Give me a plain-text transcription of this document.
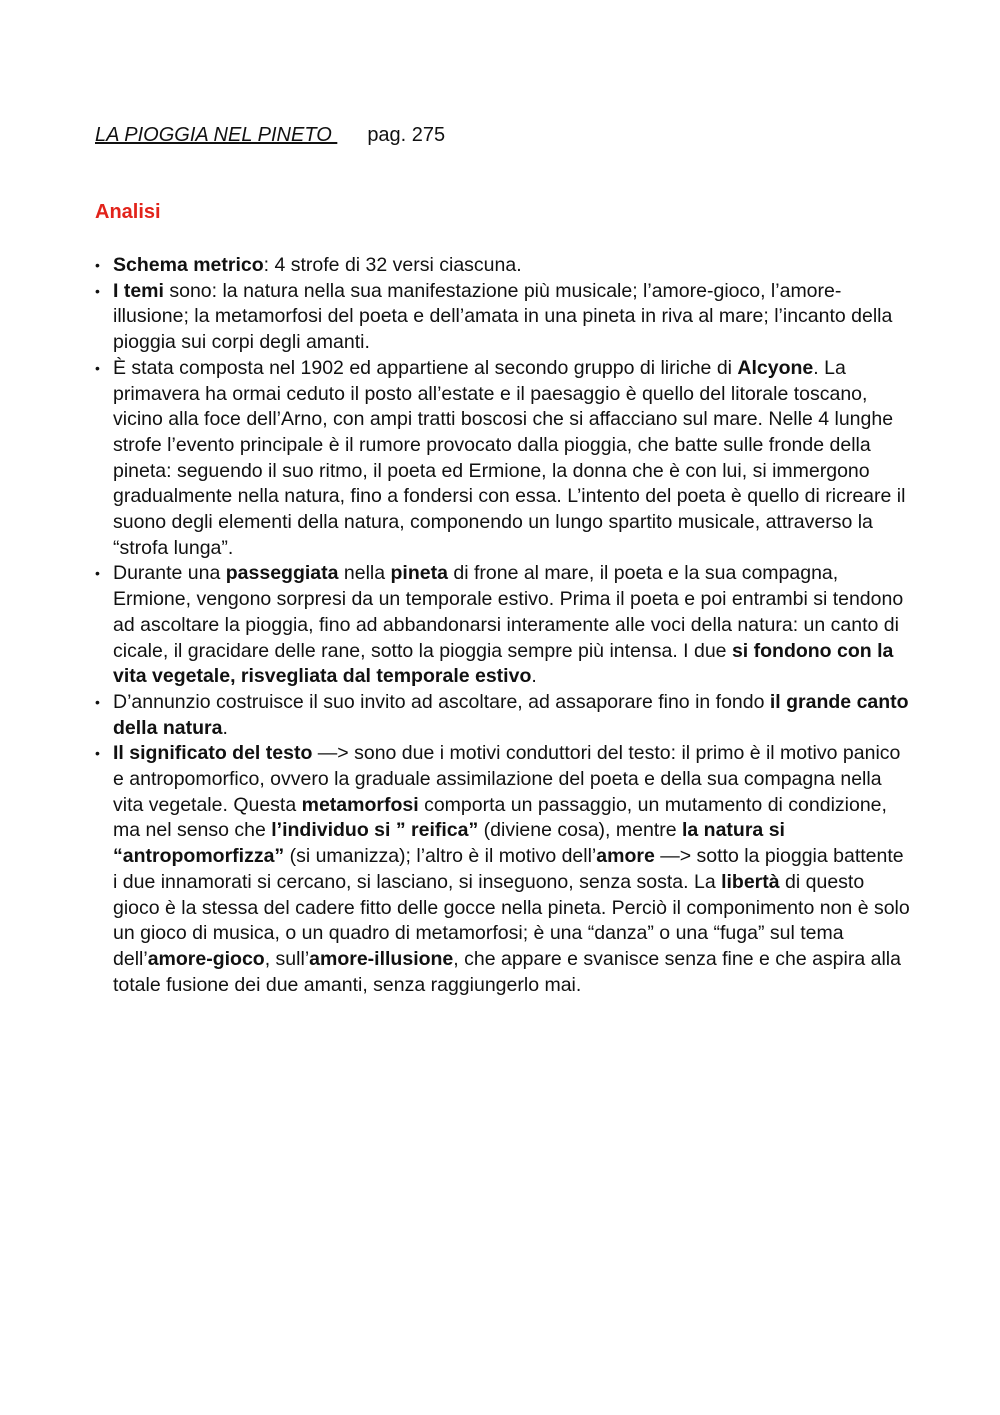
LA PIOGGIA NEL PINETO pag. 275
Analisi
• Schema metrico: 4 strofe di 32 versi ciascuna.
• I temi sono: la natura nella sua manifestazione più musicale; l’amore-gioco, l’amore-illusione; la metamorfosi del poeta e dell’amata in una pineta in riva al mare; l’incanto della pioggia sui corpi degli amanti.
• È stata composta nel 1902 ed appartiene al secondo gruppo di liriche di Alcyone. La primavera ha ormai ceduto il posto all’estate e il paesaggio è quello del litorale toscano, vicino alla foce dell’Arno, con ampi tratti boscosi che si affacciano sul mare. Nelle 4 lunghe strofe l’evento principale è il rumore provocato dalla pioggia, che batte sulle fronde della pineta: seguendo il suo ritmo, il poeta ed Ermione, la donna che è con lui, si immergono gradualmente nella natura, fino a fondersi con essa. L’intento del poeta è quello di ricreare il suono degli elementi della natura, componendo un lungo spartito musicale, attraverso la “strofa lunga”.
• Durante una passeggiata nella pineta di frone al mare, il poeta e la sua compagna, Ermione, vengono sorpresi da un temporale estivo. Prima il poeta e poi entrambi si tendono ad ascoltare la pioggia, fino ad abbandonarsi interamente alle voci della natura: un canto di cicale, il gracidare delle rane, sotto la pioggia sempre più intensa. I due si fondono con la vita vegetale, risvegliata dal temporale estivo.
• D’annunzio costruisce il suo invito ad ascoltare, ad assaporare fino in fondo il grande canto della natura.
• Il significato del testo —> sono due i motivi conduttori del testo: il primo è il motivo panico e antropomorfico, ovvero la graduale assimilazione del poeta e della sua compagna nella vita vegetale. Questa metamorfosi comporta un passaggio, un mutamento di condizione, ma nel senso che l’individuo si ” reifica” (diviene cosa), mentre la natura si “antropomorfizza” (si umanizza); l’altro è il motivo dell’amore —> sotto la pioggia battente i due innamorati si cercano, si lasciano, si inseguono, senza sosta. La libertà di questo gioco è la stessa del cadere fitto delle gocce nella pineta. Perciò il componimento non è solo un gioco di musica, o un quadro di metamorfosi; è una “danza” o una “fuga” sul tema dell’amore-gioco, sull’amore-illusione, che appare e svanisce senza fine e che aspira alla totale fusione dei due amanti, senza raggiungerlo mai.
